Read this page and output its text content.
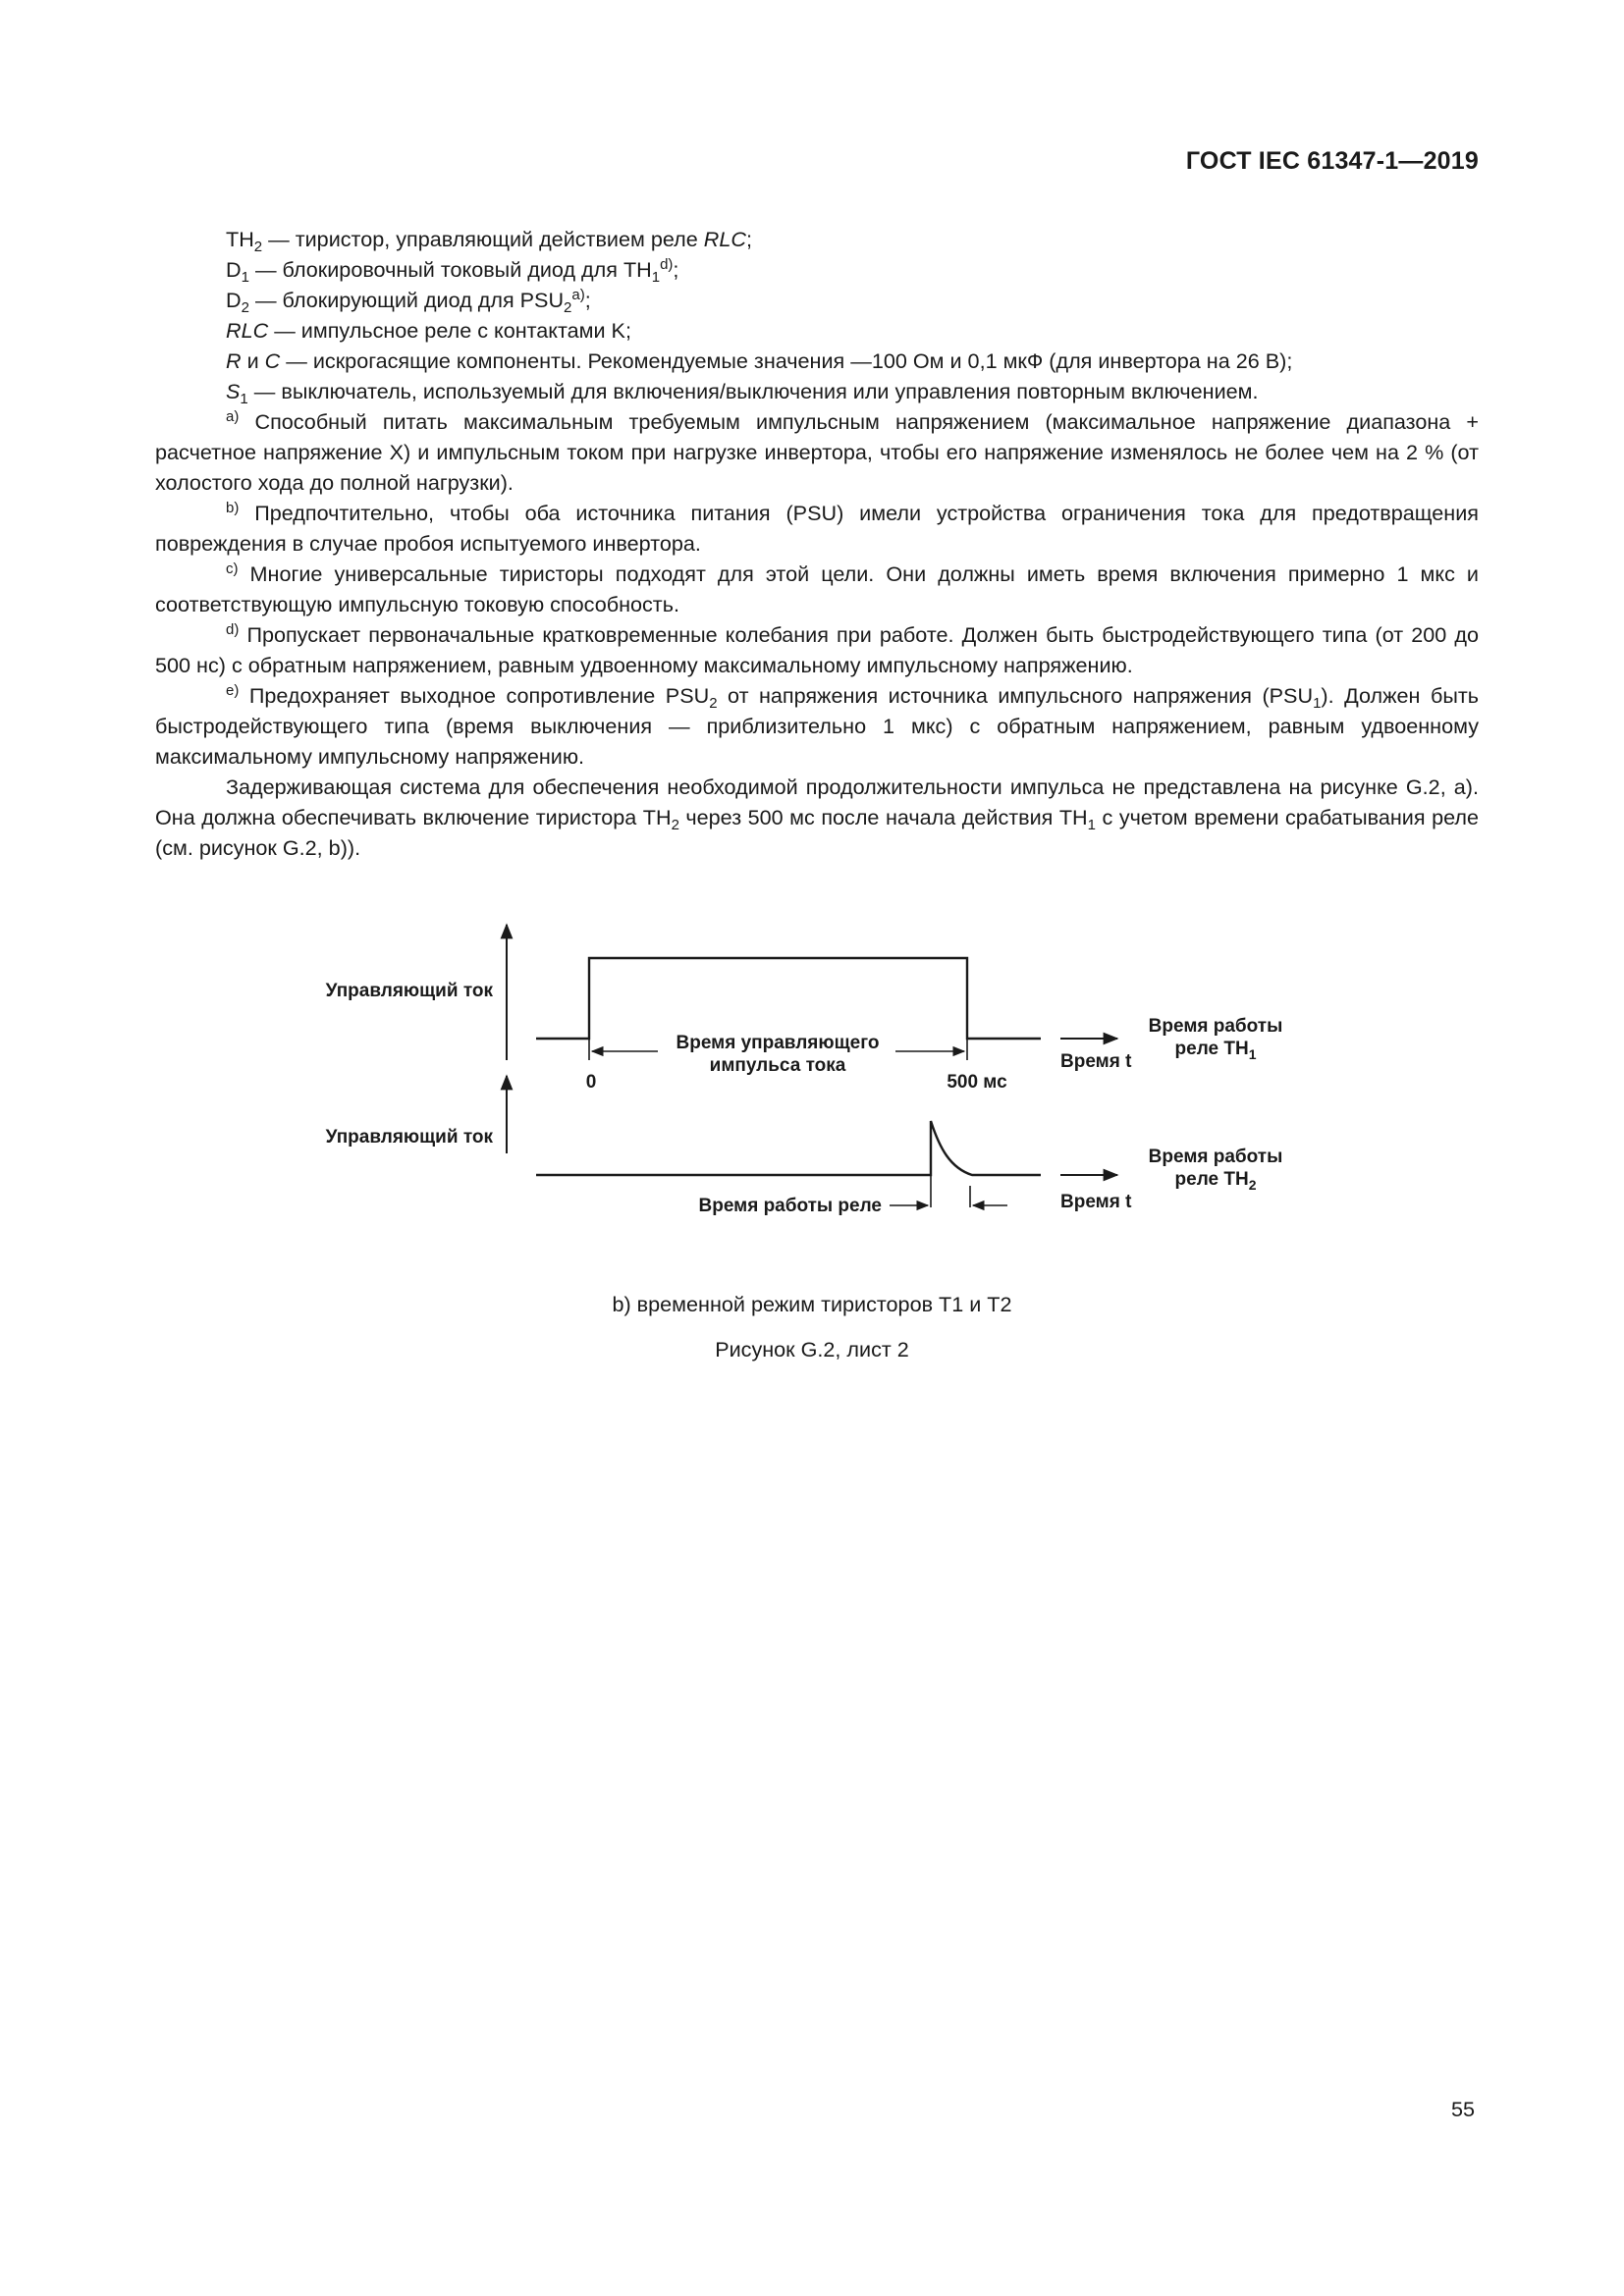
ГОСТ IEC 61347-1—2019

$TH_2$ — тиристор, управляющий действием реле RLC;

$D_1$ — блокировочный токовый диод для $TH_1^{d)}$;

$D_2$ — блокирующий диод для $PSU_2^{a)}$;

RLC — импульсное реле с контактами K;

R и C — искрогасящие компоненты. Рекомендуемые значения —100 Ом и 0,1 мкФ (для инвертора на 26 В);

$S_1$ — выключатель, используемый для включения/выключения или управления повторным включением.

$^{a)}$ Способный питать максимальным требуемым импульсным напряжением (максимальное напряжение диапазона + расчетное напряжение X) и импульсным током при нагрузке инвертора, чтобы его напряжение изменялось не более чем на 2 % (от холостого хода до полной нагрузки).

$^{b)}$ Предпочтительно, чтобы оба источника питания (PSU) имели устройства ограничения тока для предотвращения повреждения в случае пробоя испытуемого инвертора.

$^{c)}$ Многие универсальные тиристоры подходят для этой цели. Они должны иметь время включения примерно 1 мкс и соответствующую импульсную токовую способность.

$^{d)}$ Пропускает первоначальные кратковременные колебания при работе. Должен быть быстродействующего типа (от 200 до 500 нс) с обратным напряжением, равным удвоенному максимальному импульсному напряжению.

$^{e)}$ Предохраняет выходное сопротивление $PSU_2$ от напряжения источника импульсного напряжения $(PSU_1)$. Должен быть быстродействующего типа (время выключения — приблизительно 1 мкс) с обратным напряжением, равным удвоенному максимальному импульсному напряжению.

Задерживающая система для обеспечения необходимой продолжительности импульса не представлена на рисунке G.2, a). Она должна обеспечивать включение тиристора $TH_2$ через 500 мс после начала действия $TH_1$ с учетом времени срабатывания реле (см. рисунок G.2, b)).

Управляющий ток
Время управляющего
импульса тока
0	500 мс
Время t
Время работы
реле $TH_1$
Управляющий ток
Время работы реле	Время t
Время работы
реле $TH_2$
b) временной режим тиристоров T1 и T2
Рисунок G.2, лист 2
55
